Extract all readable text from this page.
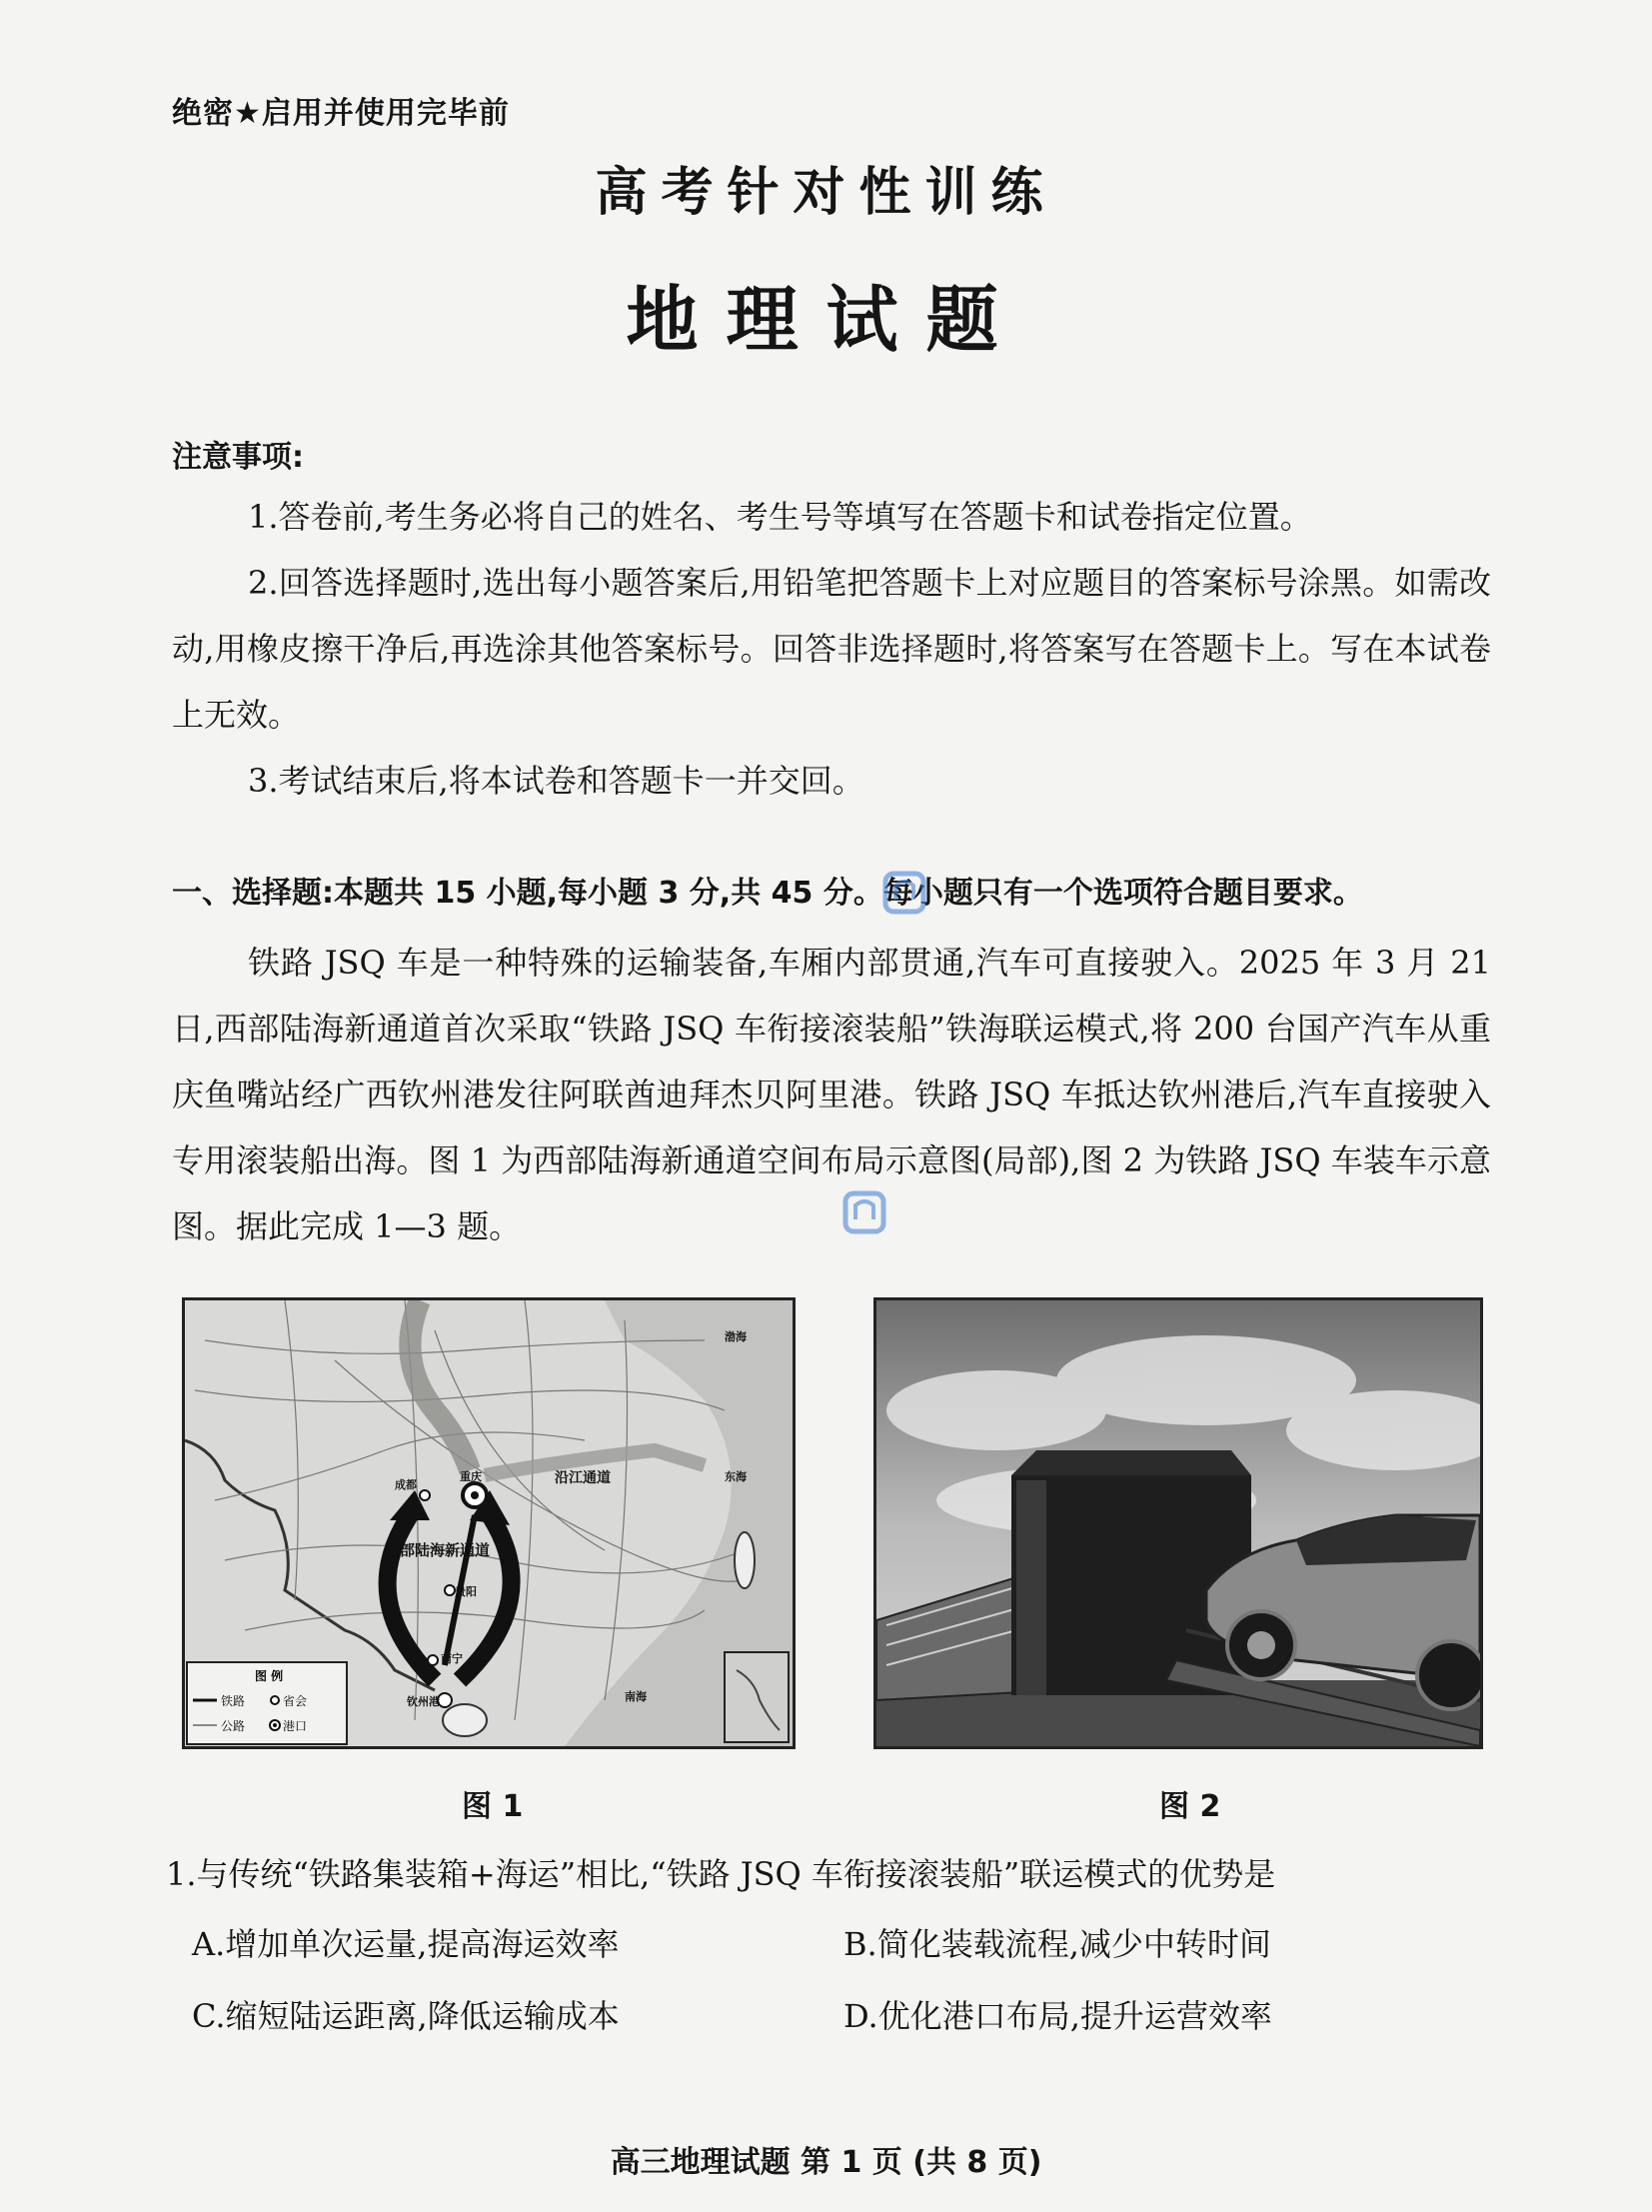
绝密★启用并使用完毕前
高考针对性训练
地理试题
注意事项:
1.答卷前,考生务必将自己的姓名、考生号等填写在答题卡和试卷指定位置。
2.回答选择题时,选出每小题答案后,用铅笔把答题卡上对应题目的答案标号涂黑。如需改动,用橡皮擦干净后,再选涂其他答案标号。回答非选择题时,将答案写在答题卡上。写在本试卷上无效。
3.考试结束后,将本试卷和答题卡一并交回。
一、选择题:本题共 15 小题,每小题 3 分,共 45 分。每小题只有一个选项符合题目要求。
铁路 JSQ 车是一种特殊的运输装备,车厢内部贯通,汽车可直接驶入。2025 年 3 月 21 日,西部陆海新通道首次采取“铁路 JSQ 车衔接滚装船”铁海联运模式,将 200 台国产汽车从重庆鱼嘴站经广西钦州港发往阿联酋迪拜杰贝阿里港。铁路 JSQ 车抵达钦州港后,汽车直接驶入专用滚装船出海。图 1 为西部陆海新通道空间布局示意图(局部),图 2 为铁路 JSQ 车装车示意图。据此完成 1—3 题。
成都
重庆
贵阳
南宁
钦州港
沿江通道
西部陆海新通道
渤海
东海
南海
图 例
铁路
公路
省会
港口
图 1	图 2
1.与传统“铁路集装箱+海运”相比,“铁路 JSQ 车衔接滚装船”联运模式的优势是
A.增加单次运量,提高海运效率	B.简化装载流程,减少中转时间
C.缩短陆运距离,降低运输成本	D.优化港口布局,提升运营效率
高三地理试题 第 1 页 (共 8 页)
